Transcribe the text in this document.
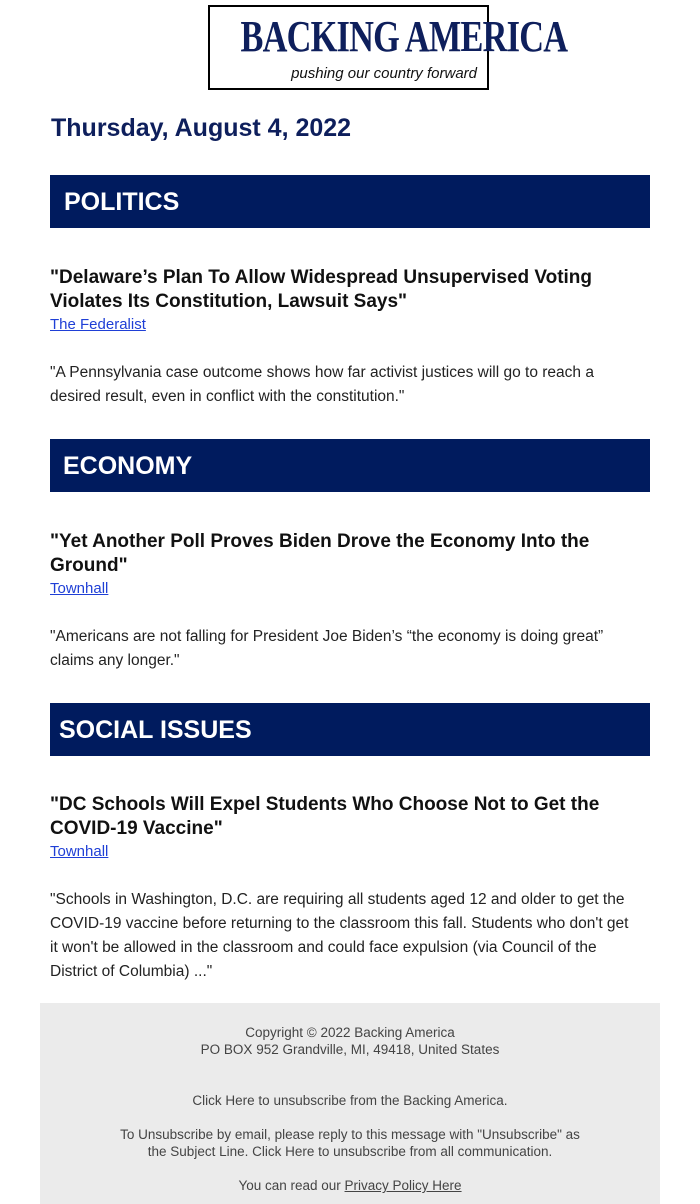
BACKING AMERICA
pushing our country forward
Thursday, August 4, 2022
POLITICS
"Delaware’s Plan To Allow Widespread Unsupervised Voting
Violates Its Constitution, Lawsuit Says"
The Federalist
"A Pennsylvania case outcome shows how far activist justices will go to reach a
desired result, even in conflict with the constitution."
ECONOMY
"Yet Another Poll Proves Biden Drove the Economy Into the
Ground"
Townhall
"Americans are not falling for President Joe Biden’s “the economy is doing great”
claims any longer."
SOCIAL ISSUES
"DC Schools Will Expel Students Who Choose Not to Get the
COVID-19 Vaccine"
Townhall
"Schools in Washington, D.C. are requiring all students aged 12 and older to get the
COVID-19 vaccine before returning to the classroom this fall. Students who don't get
it won't be allowed in the classroom and could face expulsion (via Council of the
District of Columbia) ..."
Copyright © 2022 Backing America
PO BOX 952 Grandville, MI, 49418, United States
Click Here to unsubscribe from the Backing America.
To Unsubscribe by email, please reply to this message with "Unsubscribe" as
the Subject Line. Click Here to unsubscribe from all communication.
You can read our Privacy Policy Here
